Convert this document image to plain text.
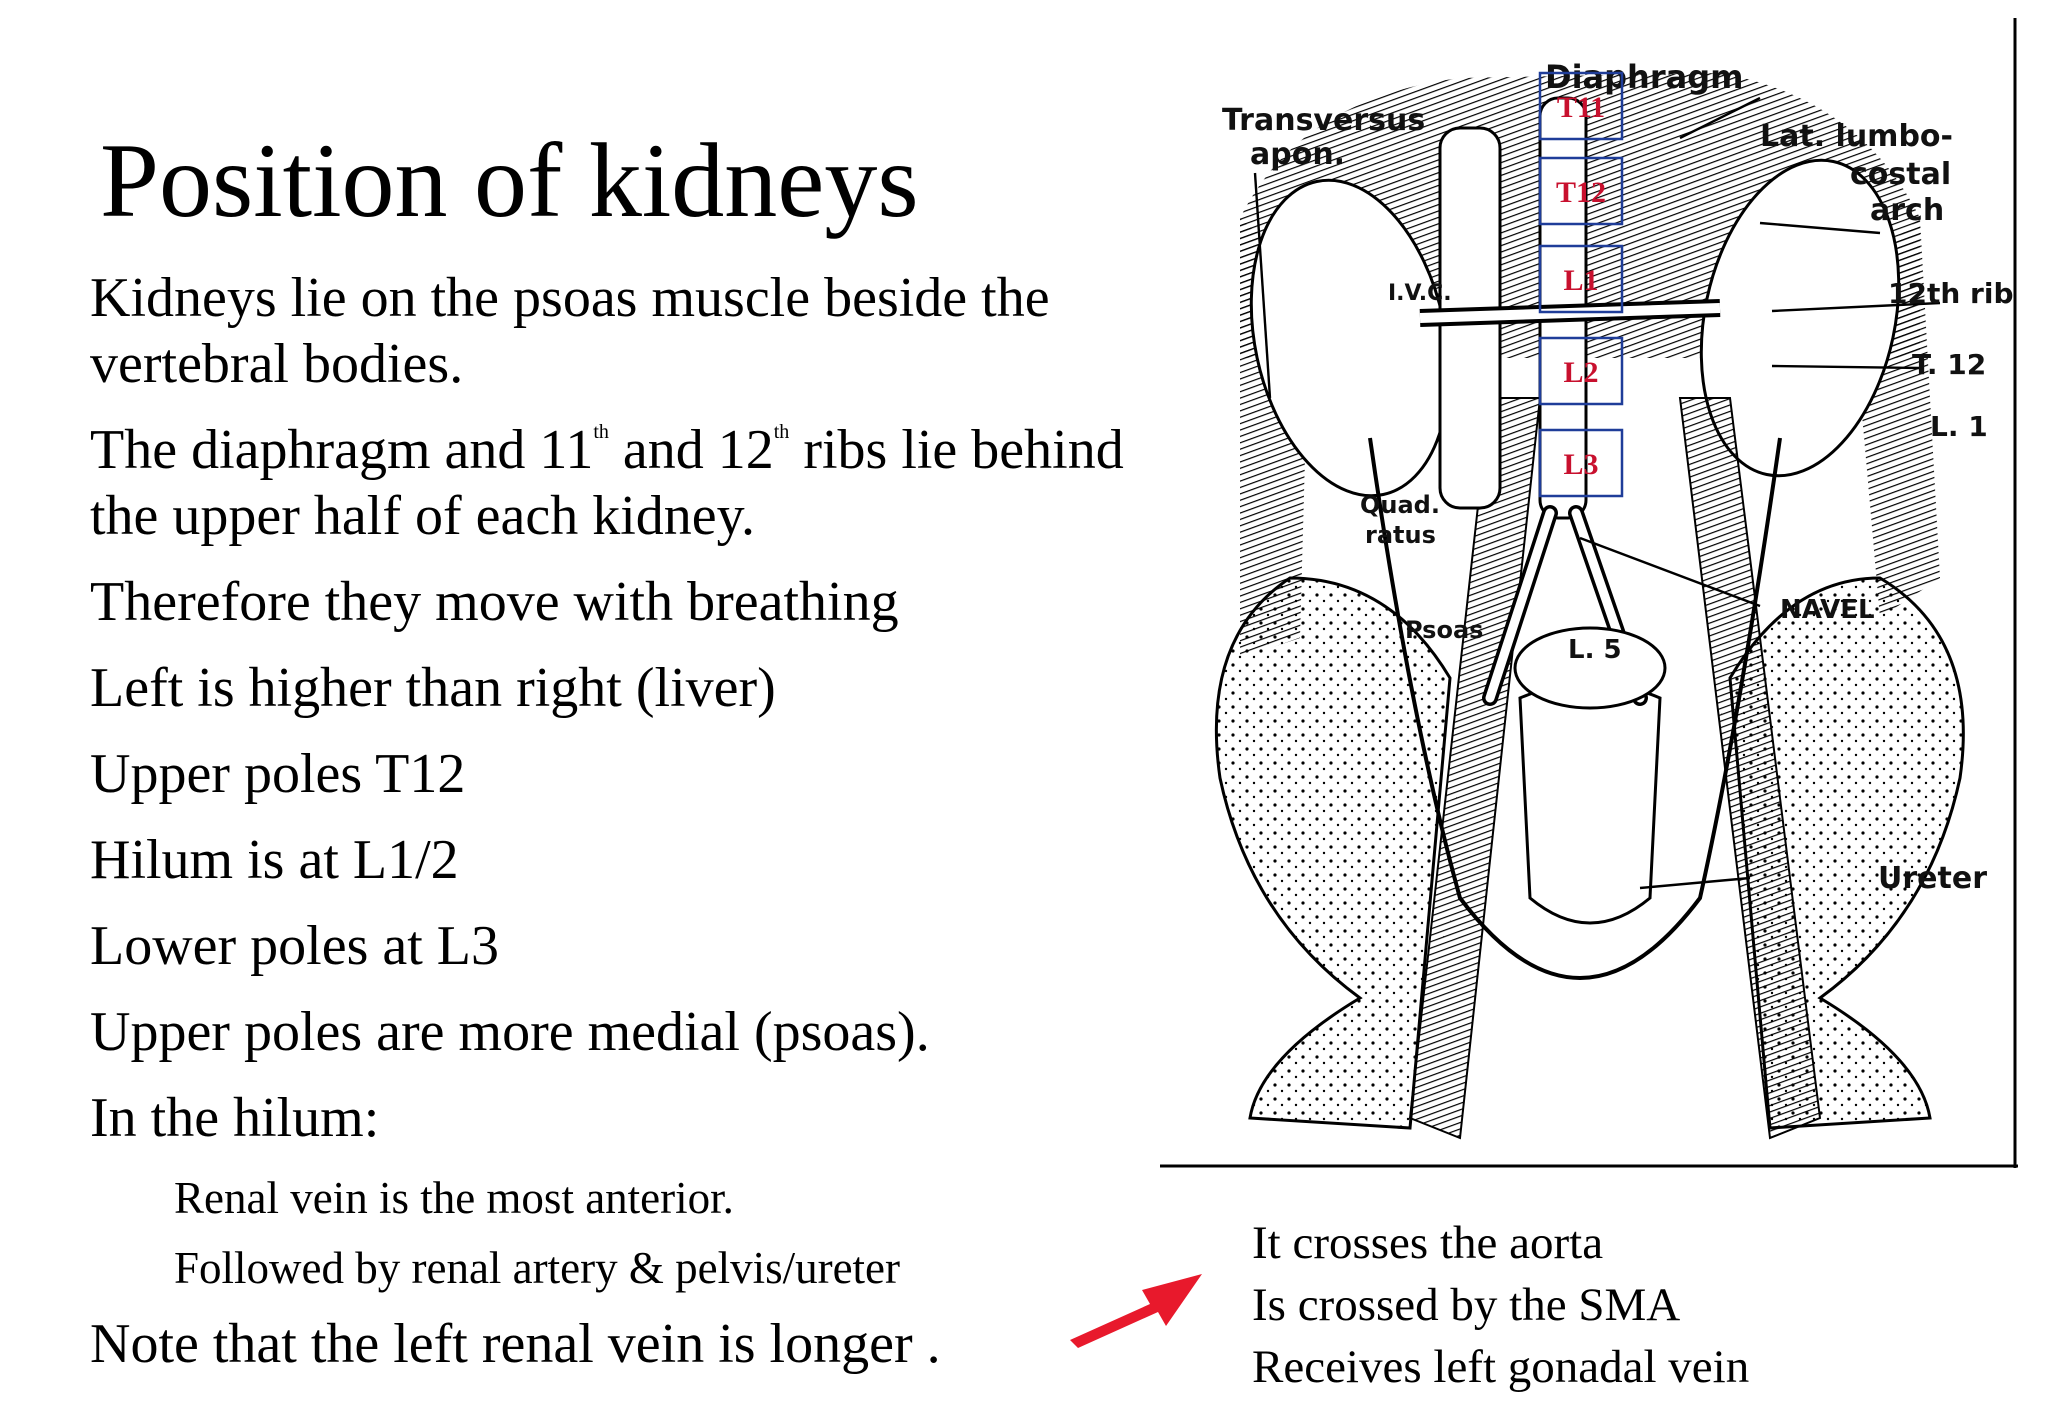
Position of kidneys
Kidneys lie on the psoas muscle beside the vertebral bodies.
The diaphragm and 11th and 12th ribs lie behind the upper half of each kidney.
Therefore they move with breathing
Left is higher than right (liver)
Upper poles T12
Hilum is at L1/2
Lower poles at L3
Upper poles are more medial (psoas).
In the hilum:
Renal vein is the most anterior.
Followed by renal artery & pelvis/ureter
Note that the left renal vein is longer .
Diaphragm
Transversus
apon.
Lat. lumbo-
costal
arch
12th rib
T. 12
L. 1
I.V.C.
Quad.
ratus
Psoas
NAVEL
L. 5
Ureter
T11
T12
L1
L2
L3
It crosses the aorta
Is crossed by the SMA
Receives left gonadal vein
